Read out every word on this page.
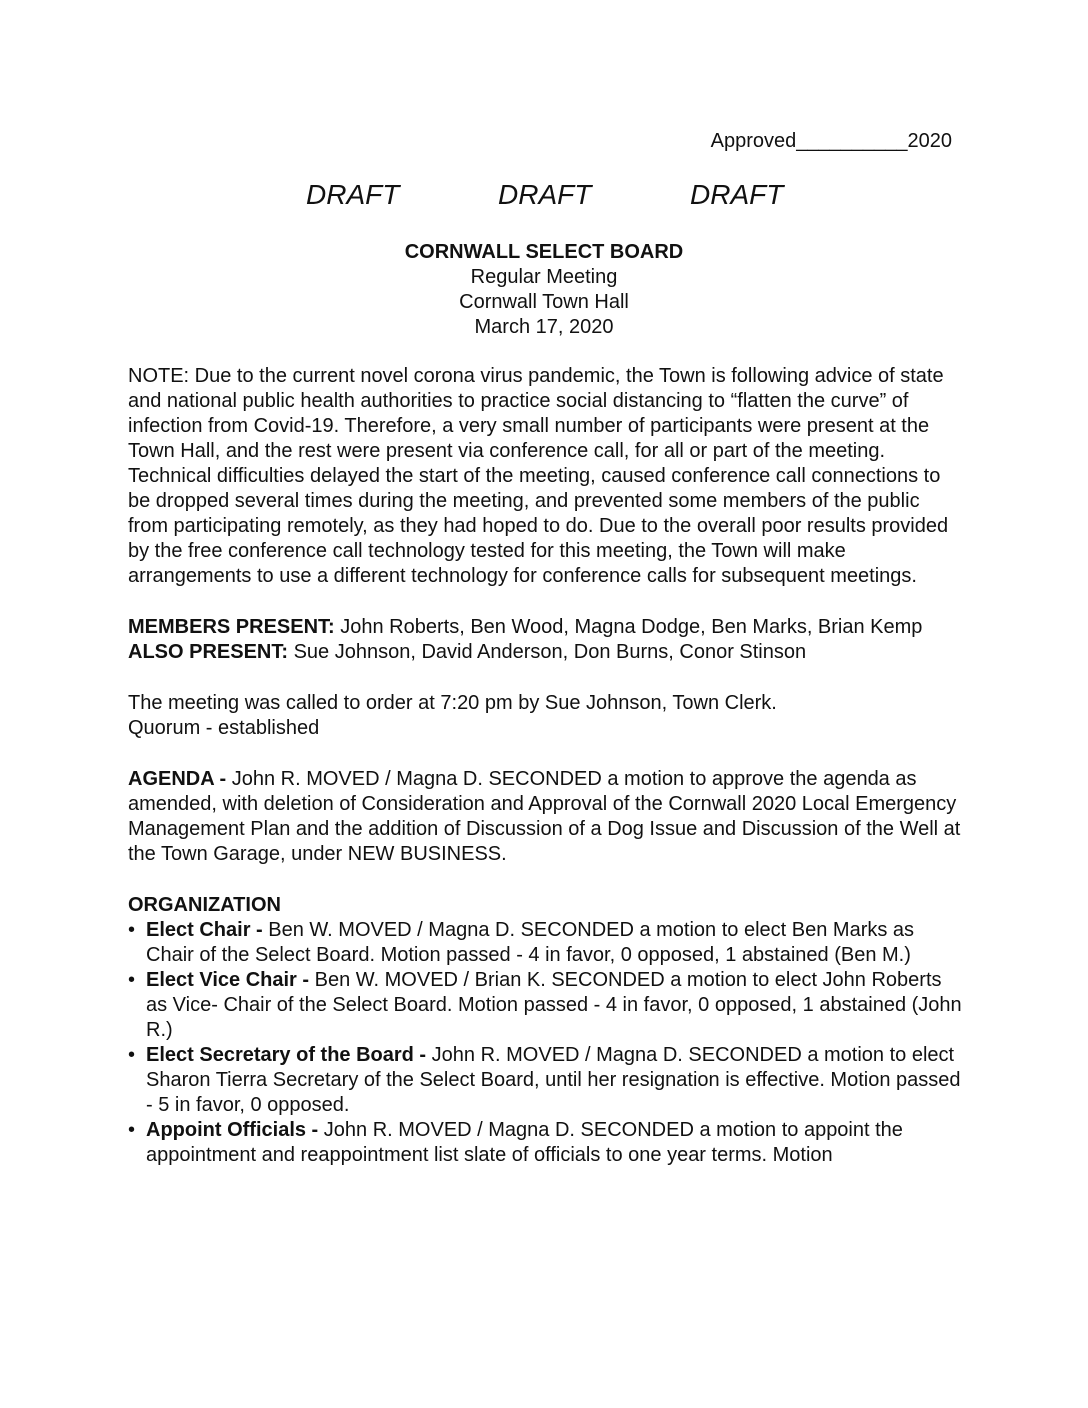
Approved__________2020
DRAFT	DRAFT	DRAFT
CORNWALL SELECT BOARD
Regular Meeting
Cornwall Town Hall
March 17, 2020

NOTE: Due to the current novel corona virus pandemic, the Town is following advice of state and national public health authorities to practice social distancing to “flatten the curve” of infection from Covid-19. Therefore, a very small number of participants were present at the Town Hall, and the rest were present via conference call, for all or part of the meeting. Technical difficulties delayed the start of the meeting, caused conference call connections to be dropped several times during the meeting, and prevented some members of the public from participating remotely, as they had hoped to do. Due to the overall poor results provided by the free conference call technology tested for this meeting, the Town will make arrangements to use a different technology for conference calls for subsequent meetings.

MEMBERS PRESENT: John Roberts, Ben Wood, Magna Dodge, Ben Marks, Brian Kemp

ALSO PRESENT: Sue Johnson, David Anderson, Don Burns, Conor Stinson

The meeting was called to order at 7:20 pm by Sue Johnson, Town Clerk.

Quorum - established

AGENDA - John R. MOVED / Magna D. SECONDED a motion to approve the agenda as amended, with deletion of Consideration and Approval of the Cornwall 2020 Local Emergency Management Plan and the addition of Discussion of a Dog Issue and Discussion of the Well at the Town Garage, under NEW BUSINESS.

ORGANIZATION

• Elect Chair - Ben W. MOVED / Magna D. SECONDED a motion to elect Ben Marks as Chair of the Select Board. Motion passed - 4 in favor, 0 opposed, 1 abstained (Ben M.)
• Elect Vice Chair - Ben W. MOVED / Brian K. SECONDED a motion to elect John Roberts as Vice- Chair of the Select Board. Motion passed - 4 in favor, 0 opposed, 1 abstained (John R.)
• Elect Secretary of the Board - John R. MOVED / Magna D. SECONDED a motion to elect Sharon Tierra Secretary of the Select Board, until her resignation is effective. Motion passed - 5 in favor, 0 opposed.
• Appoint Officials - John R. MOVED / Magna D. SECONDED a motion to appoint the appointment and reappointment list slate of officials to one year terms. Motion
